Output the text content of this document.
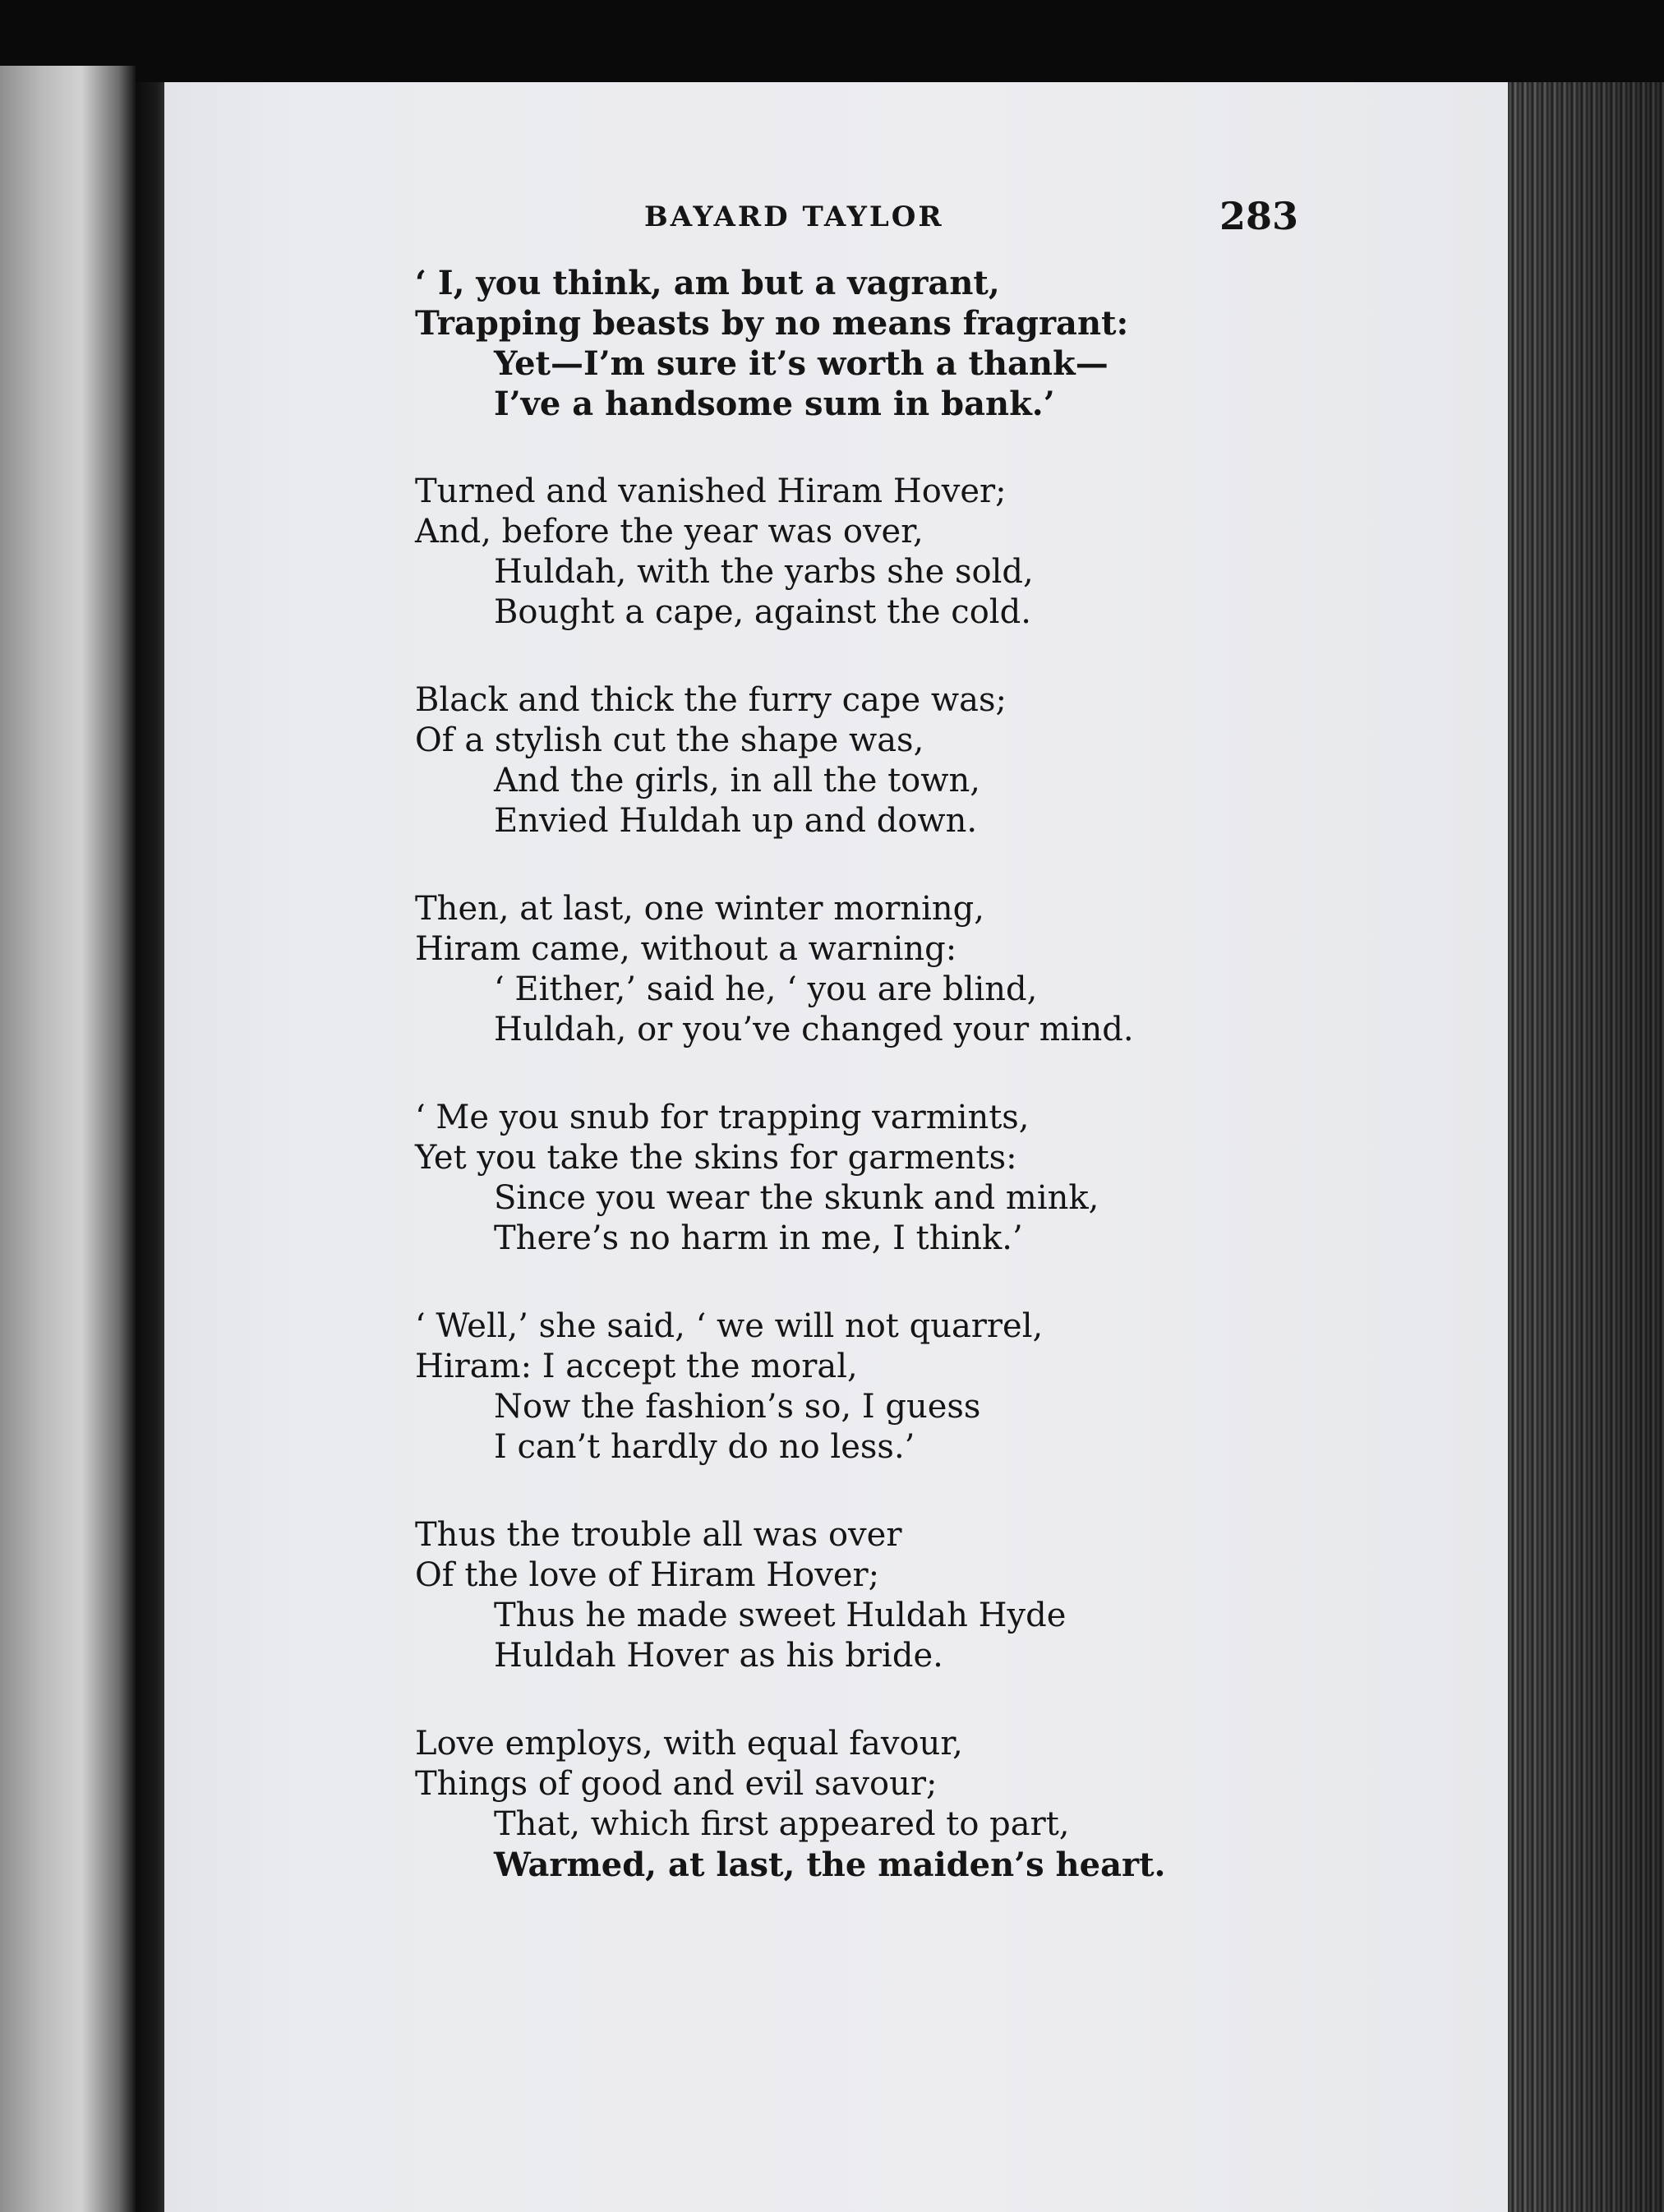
BAYARD TAYLOR	283
‘ I, you think, am but a vagrant,
Trapping beasts by no means fragrant:
Yet—I’m sure it’s worth a thank—
I’ve a handsome sum in bank.’
Turned and vanished Hiram Hover;
And, before the year was over,
Huldah, with the yarbs she sold,
Bought a cape, against the cold.
Black and thick the furry cape was;
Of a stylish cut the shape was,
And the girls, in all the town,
Envied Huldah up and down.
Then, at last, one winter morning,
Hiram came, without a warning:
‘ Either,’ said he, ‘ you are blind,
Huldah, or you’ve changed your mind.
‘ Me you snub for trapping varmints,
Yet you take the skins for garments:
Since you wear the skunk and mink,
There’s no harm in me, I think.’
‘ Well,’ she said, ‘ we will not quarrel,
Hiram: I accept the moral,
Now the fashion’s so, I guess
I can’t hardly do no less.’
Thus the trouble all was over
Of the love of Hiram Hover;
Thus he made sweet Huldah Hyde
Huldah Hover as his bride.
Love employs, with equal favour,
Things of good and evil savour;
That, which first appeared to part,
Warmed, at last, the maiden’s heart.
